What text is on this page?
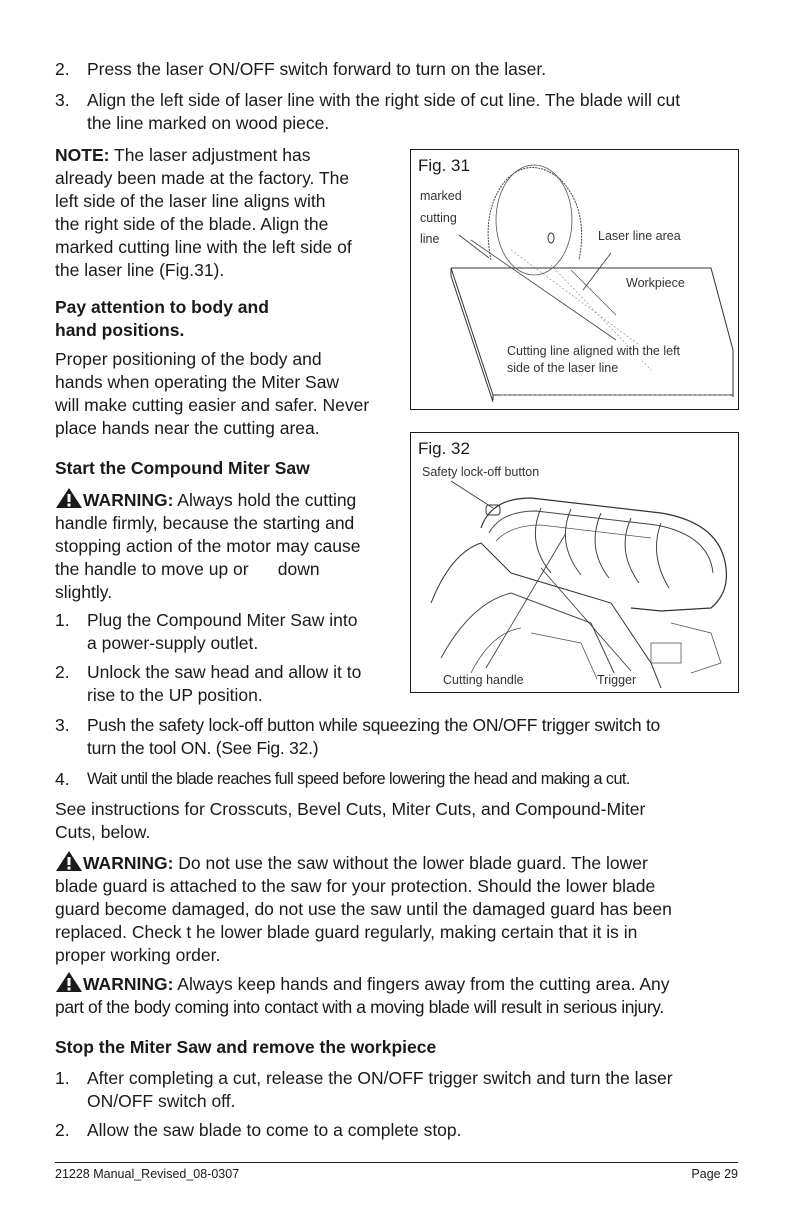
2. Press the laser ON/OFF switch forward to turn on the laser.
3. Align the left side of laser line with the right side of cut line. The blade will cut
the line marked on wood piece.
NOTE: The laser adjustment has
already been made at the factory. The
left side of the laser line aligns with
the right side of the blade. Align the
marked cutting line with the left side of
the laser line (Fig.31).
Pay attention to body and
hand positions.
Proper positioning of the body and
hands when operating the Miter Saw
will make cutting easier and safer. Never
place hands near the cutting area.
Start the Compound Miter Saw
WARNING: Always hold the cutting
handle firmly, because the starting and
stopping action of the motor may cause
the handle to move up or      down
slightly.
1. Plug the Compound Miter Saw into
a power-supply outlet.
2. Unlock the saw head and allow it to
rise to the UP position.
3. Push the safety lock-off button while squeezing the ON/OFF trigger switch to
turn the tool ON. (See Fig. 32.)
4. Wait until the blade reaches full speed before lowering the head and making a cut.
See instructions for Crosscuts, Bevel Cuts, Miter Cuts, and Compound-Miter
Cuts, below.
WARNING: Do not use the saw without the lower blade guard. The lower
blade guard is attached to the saw for your protection. Should the lower blade
guard become damaged, do not use the saw until the damaged guard has been
replaced. Check t he lower blade guard regularly, making certain that it is in
proper working order.
WARNING: Always keep hands and fingers away from the cutting area. Any
part of the body coming into contact with a moving blade will result in serious injury.
Stop the Miter Saw and remove the workpiece
1. After completing a cut, release the ON/OFF trigger switch and turn the laser
ON/OFF switch off.
2. Allow the saw blade to come to a complete stop.
Fig. 31
marked
cutting
line	Laser line area
Workpiece
Cutting line aligned with the left
side of the laser line
Fig. 32
Safety lock-off button
Cutting handle	Trigger
21228 Manual_Revised_08-0307	Page 29
